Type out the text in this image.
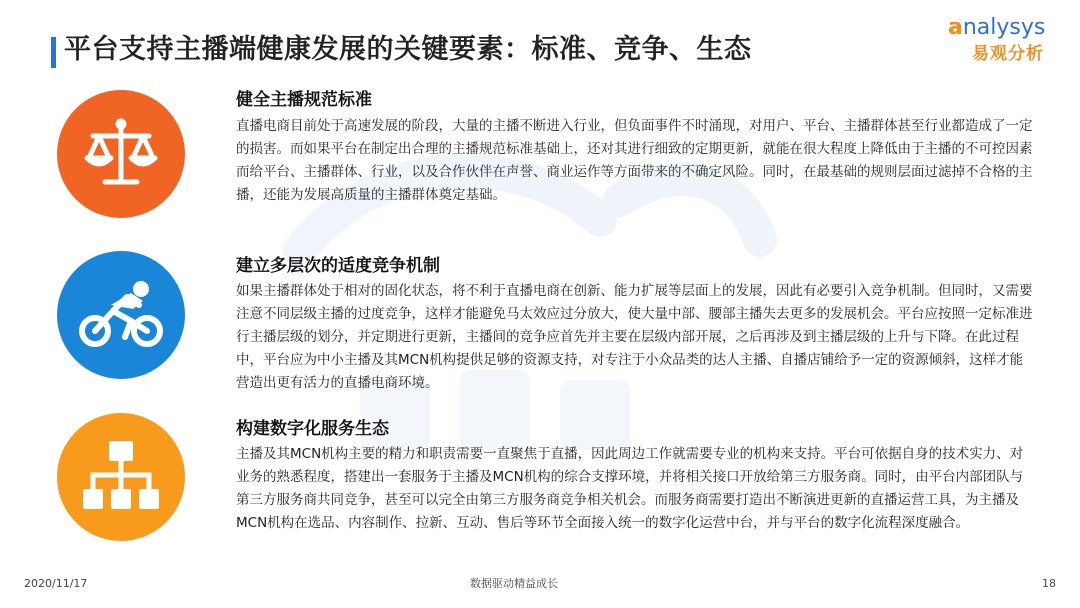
平台支持主播端健康发展的关键要素：标准、竞争、生态
analysys
易观分析
健全主播规范标准

直播电商目前处于高速发展的阶段，大量的主播不断进入行业，但负面事件不时涌现，对用户、平台、主播群体甚至行业都造成了一定的损害。而如果平台在制定出合理的主播规范标准基础上，还对其进行细致的定期更新，就能在很大程度上降低由于主播的不可控因素而给平台、主播群体、行业，以及合作伙伴在声誉、商业运作等方面带来的不确定风险。同时，在最基础的规则层面过滤掉不合格的主播，还能为发展高质量的主播群体奠定基础。

建立多层次的适度竞争机制

如果主播群体处于相对的固化状态，将不利于直播电商在创新、能力扩展等层面上的发展，因此有必要引入竞争机制。但同时，又需要注意不同层级主播的过度竞争，这样才能避免马太效应过分放大，使大量中部、腰部主播失去更多的发展机会。平台应按照一定标准进行主播层级的划分，并定期进行更新，主播间的竞争应首先并主要在层级内部开展，之后再涉及到主播层级的上升与下降。在此过程中，平台应为中小主播及其MCN机构提供足够的资源支持，对专注于小众品类的达人主播、自播店铺给予一定的资源倾斜，这样才能营造出更有活力的直播电商环境。

构建数字化服务生态

主播及其MCN机构主要的精力和职责需要一直聚焦于直播，因此周边工作就需要专业的机构来支持。平台可依据自身的技术实力、对业务的熟悉程度，搭建出一套服务于主播及MCN机构的综合支撑环境，并将相关接口开放给第三方服务商。同时，由平台内部团队与第三方服务商共同竞争，甚至可以完全由第三方服务商竞争相关机会。而服务商需要打造出不断演进更新的直播运营工具，为主播及MCN机构在选品、内容制作、拉新、互动、售后等环节全面接入统一的数字化运营中台，并与平台的数字化流程深度融合。

2020/11/17	数据驱动精益成长	18
